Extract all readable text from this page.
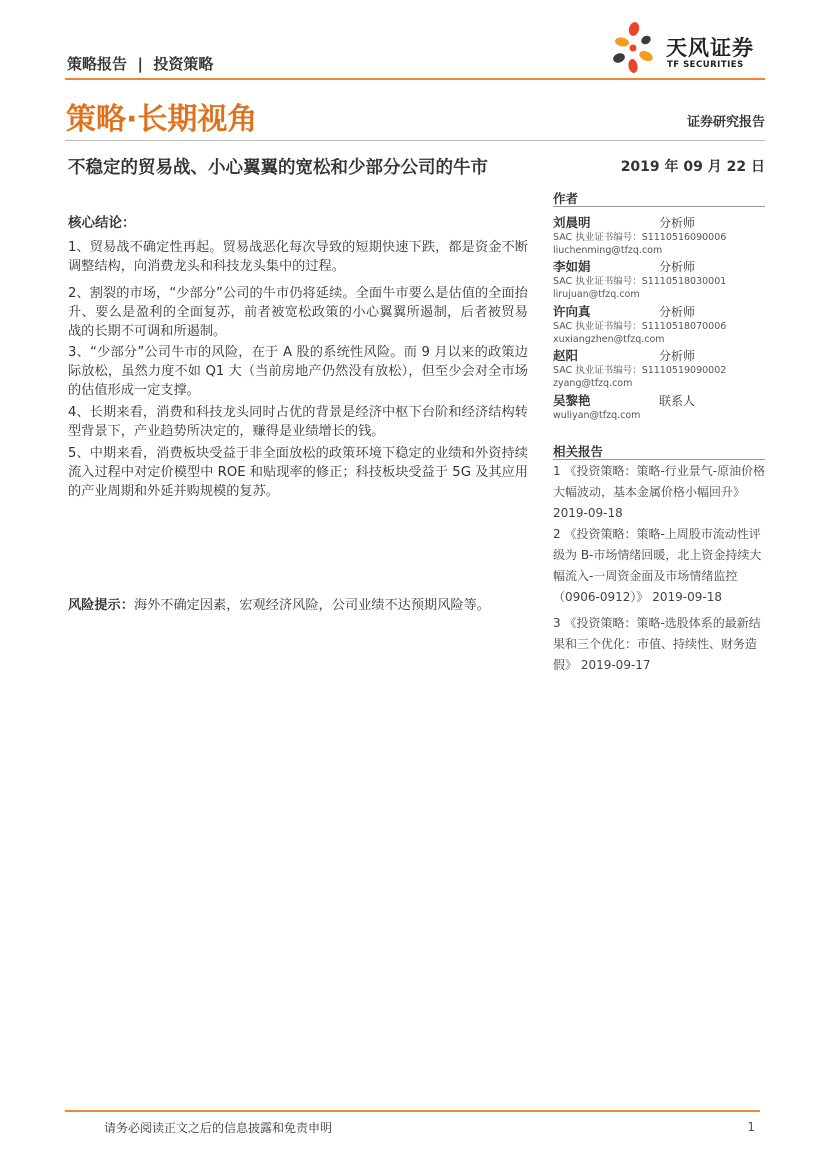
策略报告  |  投资策略
天风证券
TF SECURITIES
策略·长期视角	证券研究报告
不稳定的贸易战、小心翼翼的宽松和少部分公司的牛市	2019 年 09 月 22 日
核心结论：
1、贸易战不确定性再起。贸易战恶化每次导致的短期快速下跌，都是资金不断调整结构，向消费龙头和科技龙头集中的过程。
2、割裂的市场，“少部分”公司的牛市仍将延续。全面牛市要么是估值的全面抬升、要么是盈利的全面复苏，前者被宽松政策的小心翼翼所遏制，后者被贸易战的长期不可调和所遏制。
3、“少部分”公司牛市的风险，在于 A 股的系统性风险。而 9 月以来的政策边际放松，虽然力度不如 Q1 大（当前房地产仍然没有放松），但至少会对全市场的估值形成一定支撑。
4、长期来看，消费和科技龙头同时占优的背景是经济中枢下台阶和经济结构转型背景下，产业趋势所决定的，赚得是业绩增长的钱。
5、中期来看，消费板块受益于非全面放松的政策环境下稳定的业绩和外资持续流入过程中对定价模型中 ROE 和贴现率的修正；科技板块受益于 5G 及其应用的产业周期和外延并购规模的复苏。
风险提示：海外不确定因素，宏观经济风险，公司业绩不达预期风险等。
作者
刘晨明	分析师
SAC 执业证书编号：S1110516090006
liuchenming@tfzq.com
李如娟	分析师
SAC 执业证书编号：S1110518030001
lirujuan@tfzq.com
许向真	分析师
SAC 执业证书编号：S1110518070006
xuxiangzhen@tfzq.com
赵阳	分析师
SAC 执业证书编号：S1110519090002
zyang@tfzq.com
吴黎艳	联系人
wuliyan@tfzq.com
相关报告
1 《投资策略：策略-行业景气-原油价格大幅波动，基本金属价格小幅回升》 2019-09-18
2 《投资策略：策略-上周股市流动性评级为 B-市场情绪回暖，北上资金持续大幅流入-一周资金面及市场情绪监控（0906-0912）》 2019-09-18
3 《投资策略：策略-选股体系的最新结果和三个优化：市值、持续性、财务造假》 2019-09-17
请务必阅读正文之后的信息披露和免责申明	1
